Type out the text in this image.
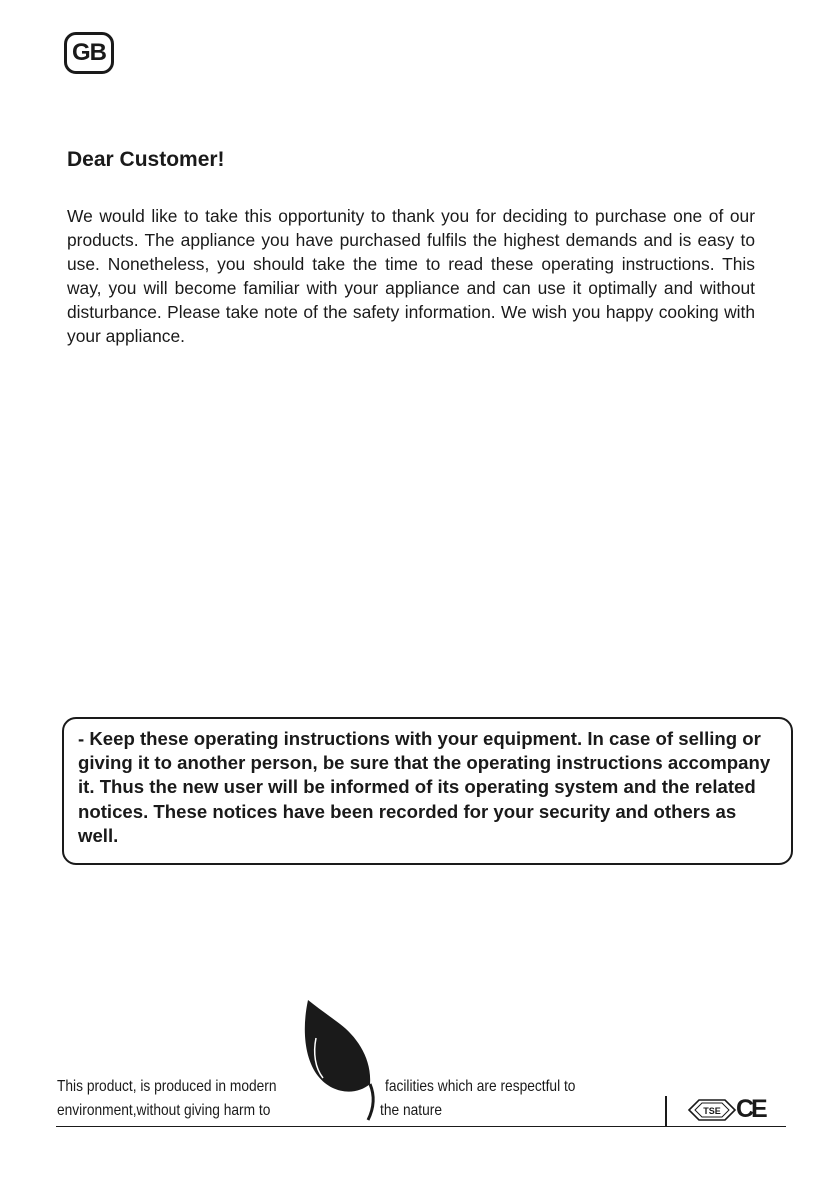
GB
Dear Customer!

We would like to take this opportunity to thank you for deciding to purchase one of our products. The appliance you have purchased fulfils the highest demands and is easy to use. Nonetheless, you should take the time to read these operating instructions. This way, you will become familiar with your appliance and can use it optimally and without disturbance. Please take note of the safety information. We wish you happy cooking with your appliance.

- Keep these operating instructions with your equipment. In case of selling or giving it to another person, be sure that the operating instructions accompany it. Thus the new user will be informed of its operating system and the related notices. These notices have been recorded for your security and others as well.

This product, is produced in modern
environment,without giving harm to
facilities which are respectful to
the nature	TSE CE
